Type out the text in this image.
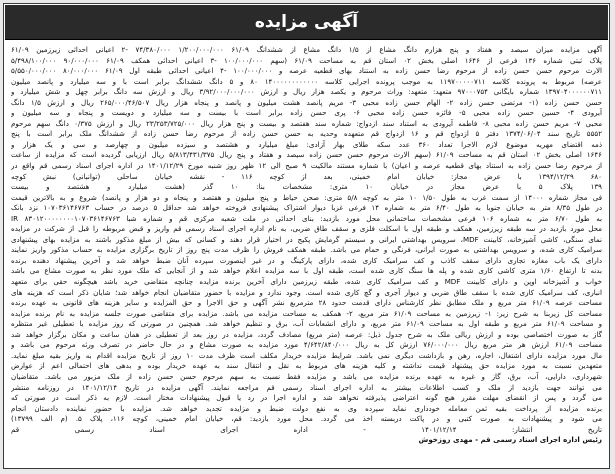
آگهی مزایده
آگهی مزایده میزان سیصد و هفتاد و پنج هزارم دانگ مشاع از ۱/۵ دانگ مشاع از ششدانگ ۶۱/۰۹ ۱/۲۰۰/۰۰۰/۰۰۰ ۷۴/۳۸۰/۰۰۰ -۲ اعیانی احداثی زیرزمین ۶۱/۰۹
پلاک ثبتی شماره ۱۳۶ فرعی از ۱۶۴۶ اصلی بخش ۰۲ استان قم به مساحت ۶۱/۰۹ (سهم ۱۰۰/۰۰۰/۰۰۰ -۳ اعیانی احداثی همکف ۶۱/۰۹ ۹۰/۰۰۰/۰۰۰ ۵/۴۹۸/۱۰۰/۰۰۰
الارث مرحوم حسن حسن زاده از مرحوم رضا حسن زاده به استناد بهای قطعیه عرصه و ۱۰۰/۰۰۰/۰۰۰ -۴ اعیانی احداثی طبقه اول ۶۱/۰۹ ۸۰/۰۰۰/۰۰۰ ۵/۵۵۰/۰۰۰/۰۰۰
عرصه) مربوط به پرونده کلاسه ۱۱۹۷۰۰۰۰۰۷۱۱ به موجب پرونده اجرایی کلاسه ۱۴۰۰۰۰۰۰۰۰۰۰۰۰ ۸۰ و ۵ دانگ ششدانگ برابر است با و سه میلیارد و پانصد میلیون
۱۳۹۷۰۴۰۰۰۰۰۰۷۱۱ شماره بایگانی ۹۷۰۰۰۷۵۴ متعهد: متعهد: وراث مرحوم و یکصد هزار ریال و ارزش ۳/۹۲/۰۰۰/۰۰۰/۰۰۰ ریال و ارزش سه دانگ برابر چهل و شش میلیارد و
حسن حسن زاده (۱- مرتضی حسن زاده ۲- الهام حسن زاده محبی ۳- مریم پانصد هشت میلیون و پانصد و پنجاه هزار ریال ۲۶۵/۰۰۰/۴۶/۵۰۷ ریال و ارزش ۱/۵ دانگ
آیرودی ۴- حسین حسن زاده محبی ۵- فائزه حسن زاده محبی ۶- پری حسن زاده برابر است با بیست و سه میلیارد و دویست و پنجاه و سه میلیون و
محبی ۷- مریم حسن زاده محبی ۸- فاطمه آیرودی به استناد سند ازدواج: شماره سند هفتصد و بیست و پنج هزار ریال ۲۳/۲۵۳/۷۲۵/۰۰۰ ریال و ارزش ۰/۳۷۵ دانگ سهم مرحوم
۵۵۵۲ تاریخ سند ۱۳۷۴/۰۶/۰۴ دفتر ۵ ازدواج قم و ۱۶ ازدواج قم متعهده وحدیه به حسن حسن زاده از مرحوم رضا حسن زاده از ششدانگ ملک برابر است با پنج
ذمه اقتضای مهریه موضوع لازم الاجرا تعداد ۳۶۰ عدد سکه طلای بهار آزادی: مبلغ میلیارد و هشتصد و سیزده میلیون و چهارصد و سی و یک هزار و
۱۶۴۶ اصلی بخش ۰۲ استان قم به مساحت ۶۱/۰۹ (سهم الارث مرحوم حسن حسن زاده سیصد و هفتاد و پنج ریال ۵/۸۱۳/۴۳۱/۳۷۵ ریال ارزیابی گردیده است که مزایده از ساعت
از مرحوم رضا حسن زاده به استناد بهای قطعیه عرصه و اعیان) با شماره مستند مالکیت ۹ صبح الی ۱۲ ظهر روز شنبه مورخ ۱۴۰۱/۱۲/۲۹ در اداره اجرای اسناد رسمی قم واقع در
۶۸۰ ۱۳۹۴/۱۲/۲۹ با عرض مجاز: خیابان امام خمینی، بعد از کوچه ۱۱۶ - نقشه خیابان ساحلی (توانبانی) نبش کوچه
۱۳۹ پلاک ۵ با عرض مجاز در خیابان ۱۰ متری: مشخصات بنا: ۱۰ گذر (هشت میلیارد و هشتصد و بیست
فی مجاز شماره ۱۴۰۰۰ از سمت غرب به طول ۱/۵۰ ۱۰ متر به کوچه ۵/۸ متری: صحن حیاط و پنج میلیون و هفتصد و پنجاه و دو هزار و پانصد) شروع و به بالاترین قیمت
در طول ۸/۳۵ متر به خیابان جنوبا به طول ۶/۴۰ متر به شماره ۱۴ فرعی غربا دیوار اشتراک پیشنهادی فروخته خواهد شد حداقل ۵ درصد در حساب ۱۰۷۰۳۶۱۴۶۷۶۳ نزد بانک
به طول ۶/۷۰ متر به شماره ۱۰۶ فرعی مشخصات ساختمانی محل مورد بازدید: بنای احداثی در ملت شعبه مرکزی قم و شماره شبا IR ۸۳۰۱۲۰۰۰۰۰۰۰۰۱۰۷۰۳۶۱۴۶۷۶۳
محل مورد بازدید در سه طبقه زیرزمین، همکف و طبقه اول با اسکلت فلزی و سقف طاق ضربی، به نام اداره اجرای اسناد رسمی قم واریز و قبض مربوطه را قبل از شرکت در مزایده
نمای سنگی، کاشی آشپزخانه، کابینت MDF، سرویس بهداشتی ایرانی و سیستم گرمایش پکیج در اختیار قرار دهند و کسانی که بیش از مبلغ مذکور باشند به مزایده بهای پیشنهادی
سرامیک کاری شده، و سرویس بهداشتی به صورت ایرانی، فرنگی و حمام می باشد. طبقه همکف فروش را ظرف مدت پنج روز از تاریخ برگزاری مزایده به حساب مذکور واریز نمایند
دارای یک باب مغازه تجاری دارای سقف کاذب و کف سرامیک کاری شده، دارای پارکینگ و در غیر اینصورت سپرده آنان ضبط خواهد شد و آخرین پیشنهاد دهنده برنده
بدنه تا ارتفاع ۱/۶۰ متری کاشی کاری شده و پله ها سنگ کاری شده است، طبقه اول با سه مزایده اعلام خواهد شد و از آنجایی که ملک مورد نظر به صورت مشاع می باشد
خواب و آشپزخانه اوپن و دارای کابینت MDF و کف سرامیک کاری شده، طبقه زیرزمین دارای آخرین برنده مزایده چنانچه متقاضی خرید باشد هیچگونه حقی برای متعهد
انباری، کف سرامیک کاری شده با سقف طاق ضربی و دیوار آجری و گچ کاری شده است. وجود ندارد و مزایده با حضور متقاضیان انجام خواهد شد؛ شایان ذکر است که هزینه های
مساحت عرصه ۶۱/۰۹ متر مربع و ملک مطابق نظر کارشناس دارای قدمت حدود ۲۸ مترمربع نشر آگهی و حق الاجرا و حق المزایده و سایر هزینه های قانونی به عهده برنده
مساحت کل زیربنا به شرح زیر: ۱- زیرزمین به مساحت ۶۱/۰۹ متر مربع، ۲- همکف به مساحت مزایده می باشد. مزایده برای متقاضی صورت جلسه مزایده به نام برنده مزایده
و مساحت ۶۱/۰۹ متر مربع و طبقه اول به مساحت ۶۱/۰۹ متر مربع، و دارای انشعابات آب، برق و تنظیم خواهد شد. همچنین در صورتی که روز مزایده با تعطیلی غیر منتظره
گاز به صورت اختصاصی بوده و ارزش ریالی ملک به شرح جدول ذیل: عرصه (متر مربع) مصادف گردد، مزایده در روز بعد از تعطیلی در همان ساعت و مکان برگزار خواهد شد
مساحت ۶۱/۰۹ ارزش هر متر مربع ریال ۷۶/۰۰۰/۰۰۰ ارزش کل به ریال ۴/۶۴۲/۸۴۰/۰۰۰ مورد مزایده به صورت مشاع و در حال حاضر در تصرف ورثه مرحوم می باشد و
مال مورد مزایده دارای اشتغال، اجاره، رهن و بازداشت دیگری نمی باشد. شرایط مزایده خریدار مکلف است ظرف مدت ۱۰ روز از تاریخ مزایده اقدام به واریز بقیه مبلغ نماید.
متعهدین نسبت به مورد مزایده حق پیشنهاد قیمت نداشته و کلیه هزینه های مربوط به نقل و انتقال سند به عهده خریدار بوده و بدهی های احتمالی اعم از عوارض
شهرداری، دارایی، آب، برق، گاز و غیره به عهده برنده مزایده می باشد و مزایده فقط نسبت به سهم مرحوم حسن حسن زاده از ملک مزبور می باشد. متقاضیان
می توانند جهت بازدید از ملک و کسب اطلاعات بیشتر به اداره اجرای اسناد رسمی قم مراجعه نمایند. آگهی مزایده در تاریخ ۱۴۰۱/۱۲/۱۴ در روزنامه منتشر
می گردد و پس از انقضای مهلت مقرر هیچ گونه اعتراضی پذیرفته نخواهد شد و اداره اجرا در رد یا قبول پیشنهادات مختار است. لازم به ذکر است در صورتی که
برنده مزایده از پرداخت بقیه ثمن معامله خودداری نماید سپرده وی به نفع دولت ضبط و مزایده تجدید خواهد شد. مزایده با حضور نماینده دادستان انجام
می شود و پیشنهادات به صورت کتبی و در پاکت دربسته اخذ می گردد. محل مورد بازدید: قم، خیابان امام خمینی، کوچه ۱۱۶، پلاک ۵. (م الف ۱۳۷۹۹)
تاریخ انتشار: ۱۴۰۱/۱۲/۱۴ - اداره اجرای اسناد رسمی قم
رئیس اداره اجرای اسناد رسمی قم - مهدی روزخوش
